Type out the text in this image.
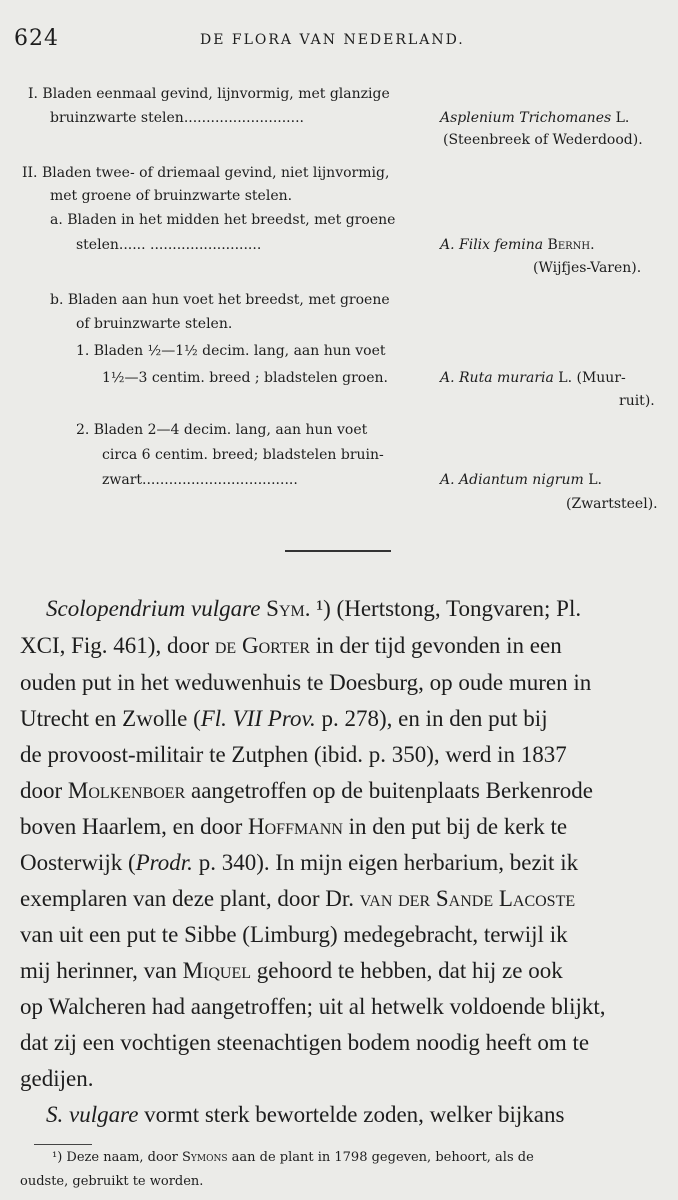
624	DE FLORA VAN NEDERLAND.
I. Bladen eenmaal gevind, lijnvormig, met glanzige
bruinzwarte stelen...........................	Asplenium Trichomanes L.
(Steenbreek of Wederdood).
II. Bladen twee- of driemaal gevind, niet lijnvormig,
met groene of bruinzwarte stelen.
a. Bladen in het midden het breedst, met groene
stelen...... .........................	A. Filix femina Bernh.
(Wijfjes-Varen).
b. Bladen aan hun voet het breedst, met groene
of bruinzwarte stelen.
1. Bladen ½—1½ decim. lang, aan hun voet
1½—3 centim. breed ; bladstelen groen.	A. Ruta muraria L. (Muur-
ruit).
2. Bladen 2—4 decim. lang, aan hun voet
circa 6 centim. breed; bladstelen bruin-
zwart...................................	A. Adiantum nigrum L.
(Zwartsteel).
Scolopendrium vulgare Sym. ¹) (Hertstong, Tongvaren; Pl.
XCI, Fig. 461), door de Gorter in der tijd gevonden in een
ouden put in het weduwenhuis te Doesburg, op oude muren in
Utrecht en Zwolle (Fl. VII Prov. p. 278), en in den put bij
de provoost-militair te Zutphen (ibid. p. 350), werd in 1837
door Molkenboer aangetroffen op de buitenplaats Berkenrode
boven Haarlem, en door Hoffmann in den put bij de kerk te
Oosterwijk (Prodr. p. 340). In mijn eigen herbarium, bezit ik
exemplaren van deze plant, door Dr. van der Sande Lacoste
van uit een put te Sibbe (Limburg) medegebracht, terwijl ik
mij herinner, van Miquel gehoord te hebben, dat hij ze ook
op Walcheren had aangetroffen; uit al hetwelk voldoende blijkt,
dat zij een vochtigen steenachtigen bodem noodig heeft om te
gedijen.
S. vulgare vormt sterk bewortelde zoden, welker bijkans
¹) Deze naam, door Symons aan de plant in 1798 gegeven, behoort, als de
oudste, gebruikt te worden.
